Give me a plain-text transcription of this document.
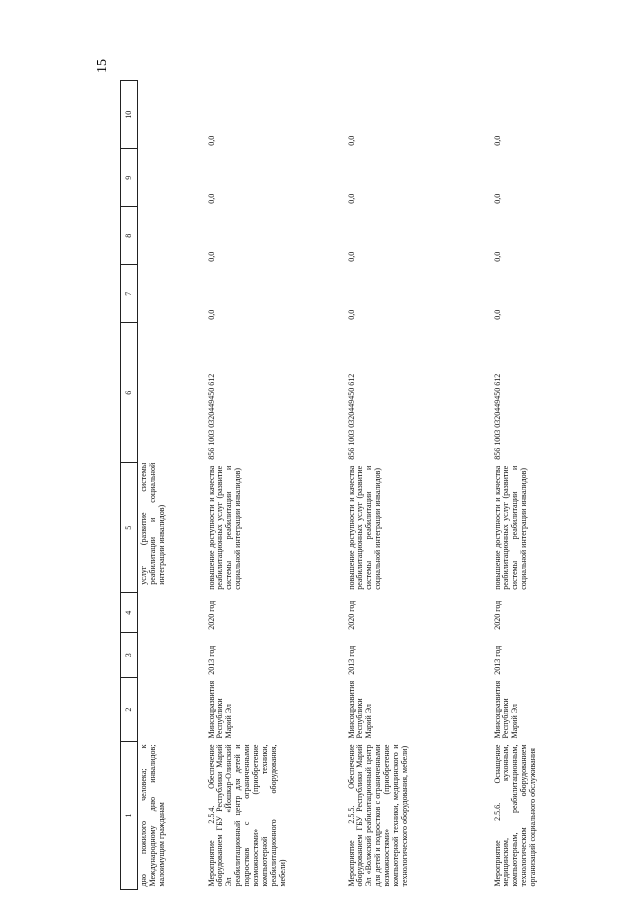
15
1	2	3	4	5	6	7	8	9	10
дно пожилого человека; к Международному дню инвалидов; малоимущим гражданам				услуг (развитие системы реабилитации и социальной интеграции инвалидов)					
Мероприятие 2.5.4. Обеспечение оборудованием ГБУ Республики Марий Эл «Йошкар-Олинский реабилитационный центр для детей и подростков с ограниченными возможностями» (приобретение компьютерной техники, реабилитационного оборудования, мебели)	Минсоцразвития Республики Марий Эл	2013 год	2020 год	повышение доступности и качества реабилитационных услуг (развитие системы реабилитации и социальной интеграции инвалидов)	856 1003 0320449450 612	0,0	0,0	0,0	0,0
Мероприятие 2.5.5. Обеспечение оборудованием ГБУ Республики Марий Эл «Волжский реабилитационный центр для детей и подростков с ограниченными возможностями» (приобретение компьютерной техники, медицинского и технологического оборудования, мебели)	Минсоцразвития Республики Марий Эл	2013 год	2020 год	повышение доступности и качества реабилитационных услуг (развитие системы реабилитации и социальной интеграции инвалидов)	856 1003 0320449450 612	0,0	0,0	0,0	0,0
Мероприятие 2.5.6. Оснащение медицинским, кухонным, компьютерным, реабилитационным, технологическим оборудованием организаций социального обслуживания	Минсоцразвития Республики Марий Эл	2013 год	2020 год	повышение доступности и качества реабилитационных услуг (развитие системы реабилитации и социальной интеграции инвалидов)	856 1003 0320449450 612	0,0	0,0	0,0	0,0
